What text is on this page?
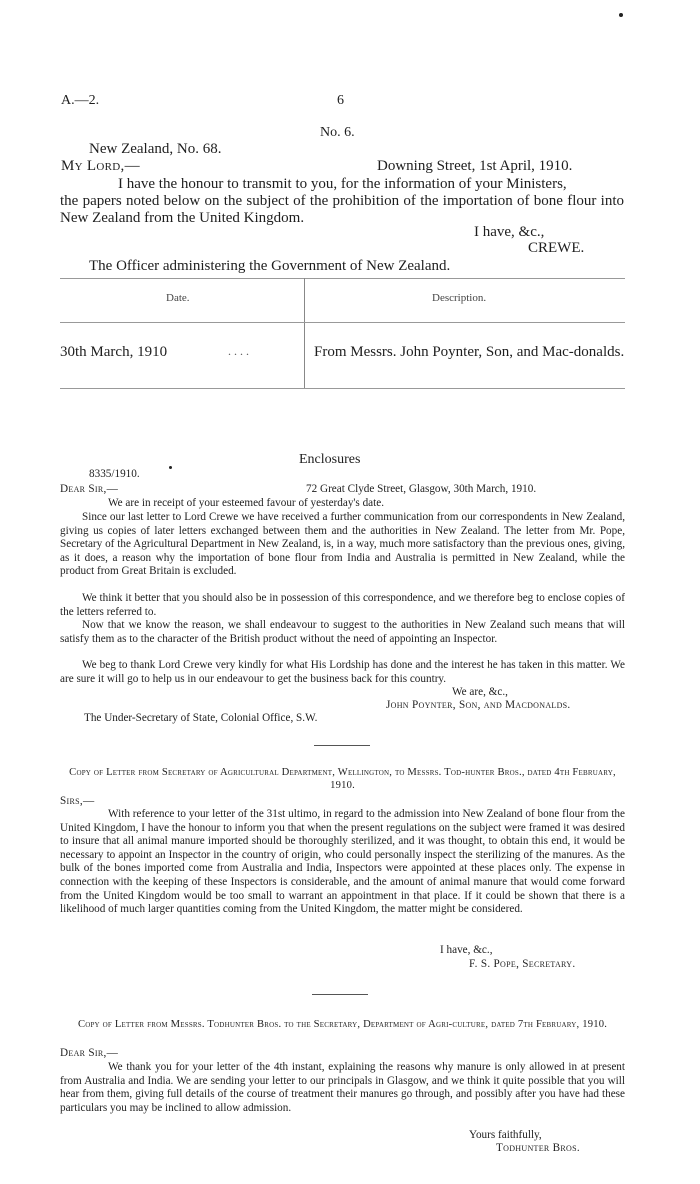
A.—2.	6
No. 6.
New Zealand, No. 68.
My Lord,—	Downing Street, 1st April, 1910.
I have the honour to transmit to you, for the information of your Ministers,
the papers noted below on the subject of the prohibition of the importation of bone flour into New Zealand from the United Kingdom.
I have, &c.,
CREWE.
The Officer administering the Government of New Zealand.
Date.	Description.
30th March, 1910	. . . .	From Messrs. John Poynter, Son, and Mac-donalds.
Enclosures
8335/1910.
Dear Sir,—	72 Great Clyde Street, Glasgow, 30th March, 1910.

We are in receipt of your esteemed favour of yesterday's date.

Since our last letter to Lord Crewe we have received a further communication from our correspondents in New Zealand, giving us copies of later letters exchanged between them and the authorities in New Zealand. The letter from Mr. Pope, Secretary of the Agricultural Department in New Zealand, is, in a way, much more satisfactory than the previous ones, giving, as it does, a reason why the importation of bone flour from India and Australia is permitted in New Zealand, while the product from Great Britain is excluded.

We think it better that you should also be in possession of this correspondence, and we therefore beg to enclose copies of the letters referred to.

Now that we know the reason, we shall endeavour to suggest to the authorities in New Zealand such means that will satisfy them as to the character of the British product without the need of appointing an Inspector.

We beg to thank Lord Crewe very kindly for what His Lordship has done and the interest he has taken in this matter. We are sure it will go to help us in our endeavour to get the business back for this country.

We are, &c.,
John Poynter, Son, and Macdonalds.
The Under-Secretary of State, Colonial Office, S.W.
Copy of Letter from Secretary of Agricultural Department, Wellington, to Messrs. Tod-hunter Bros., dated 4th February, 1910.
Sirs,—

With reference to your letter of the 31st ultimo, in regard to the admission into New Zealand of bone flour from the United Kingdom, I have the honour to inform you that when the present regulations on the subject were framed it was desired to insure that all animal manure imported should be thoroughly sterilized, and it was thought, to obtain this end, it would be necessary to appoint an Inspector in the country of origin, who could personally inspect the sterilizing of the manures. As the bulk of the bones imported come from Australia and India, Inspectors were appointed at these places only. The expense in connection with the keeping of these Inspectors is considerable, and the amount of animal manure that would come forward from the United Kingdom would be too small to warrant an appointment in that place. If it could be shown that there is a likelihood of much larger quantities coming from the United Kingdom, the matter might be considered.

I have, &c.,
F. S. Pope, Secretary.
Copy of Letter from Messrs. Todhunter Bros. to the Secretary, Department of Agri-culture, dated 7th February, 1910.
Dear Sir,—

We thank you for your letter of the 4th instant, explaining the reasons why manure is only allowed in at present from Australia and India. We are sending your letter to our principals in Glasgow, and we think it quite possible that you will hear from them, giving full details of the course of treatment their manures go through, and possibly after you have had these particulars you may be inclined to allow admission.

Yours faithfully,
Todhunter Bros.
